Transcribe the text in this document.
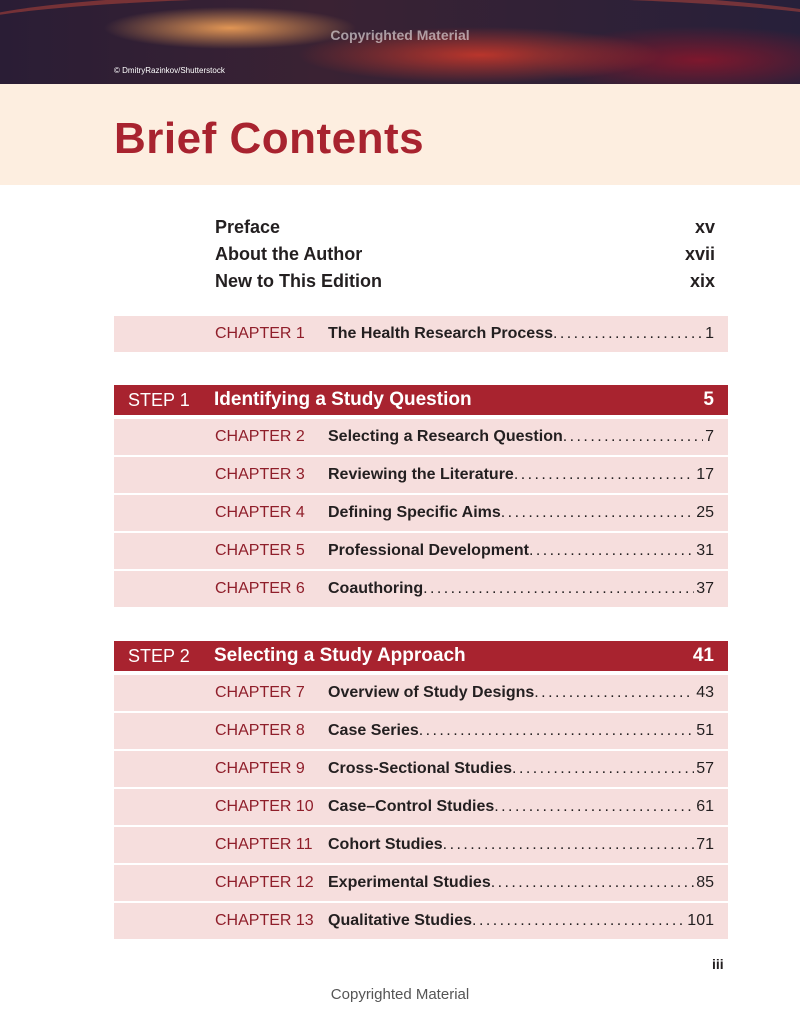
Copyrighted Material
© DmitryRazinkov/Shutterstock
Brief Contents
Preface	xv
About the Author	xvii
New to This Edition	xix
CHAPTER 1 The Health Research Process . . .	1
STEP 1 Identifying a Study Question	5
CHAPTER 2 Selecting a Research Question . . .	7
CHAPTER 3 Reviewing the Literature . . .	17
CHAPTER 4 Defining Specific Aims . . .	25
CHAPTER 5 Professional Development . . .	31
CHAPTER 6 Coauthoring . . .	37
STEP 2 Selecting a Study Approach	41
CHAPTER 7 Overview of Study Designs . . .	43
CHAPTER 8 Case Series . . .	51
CHAPTER 9 Cross-Sectional Studies . . .	57
CHAPTER 10 Case–Control Studies . . .	61
CHAPTER 11 Cohort Studies . . .	71
CHAPTER 12 Experimental Studies . . .	85
CHAPTER 13 Qualitative Studies . . .	101
iii
Copyrighted Material
